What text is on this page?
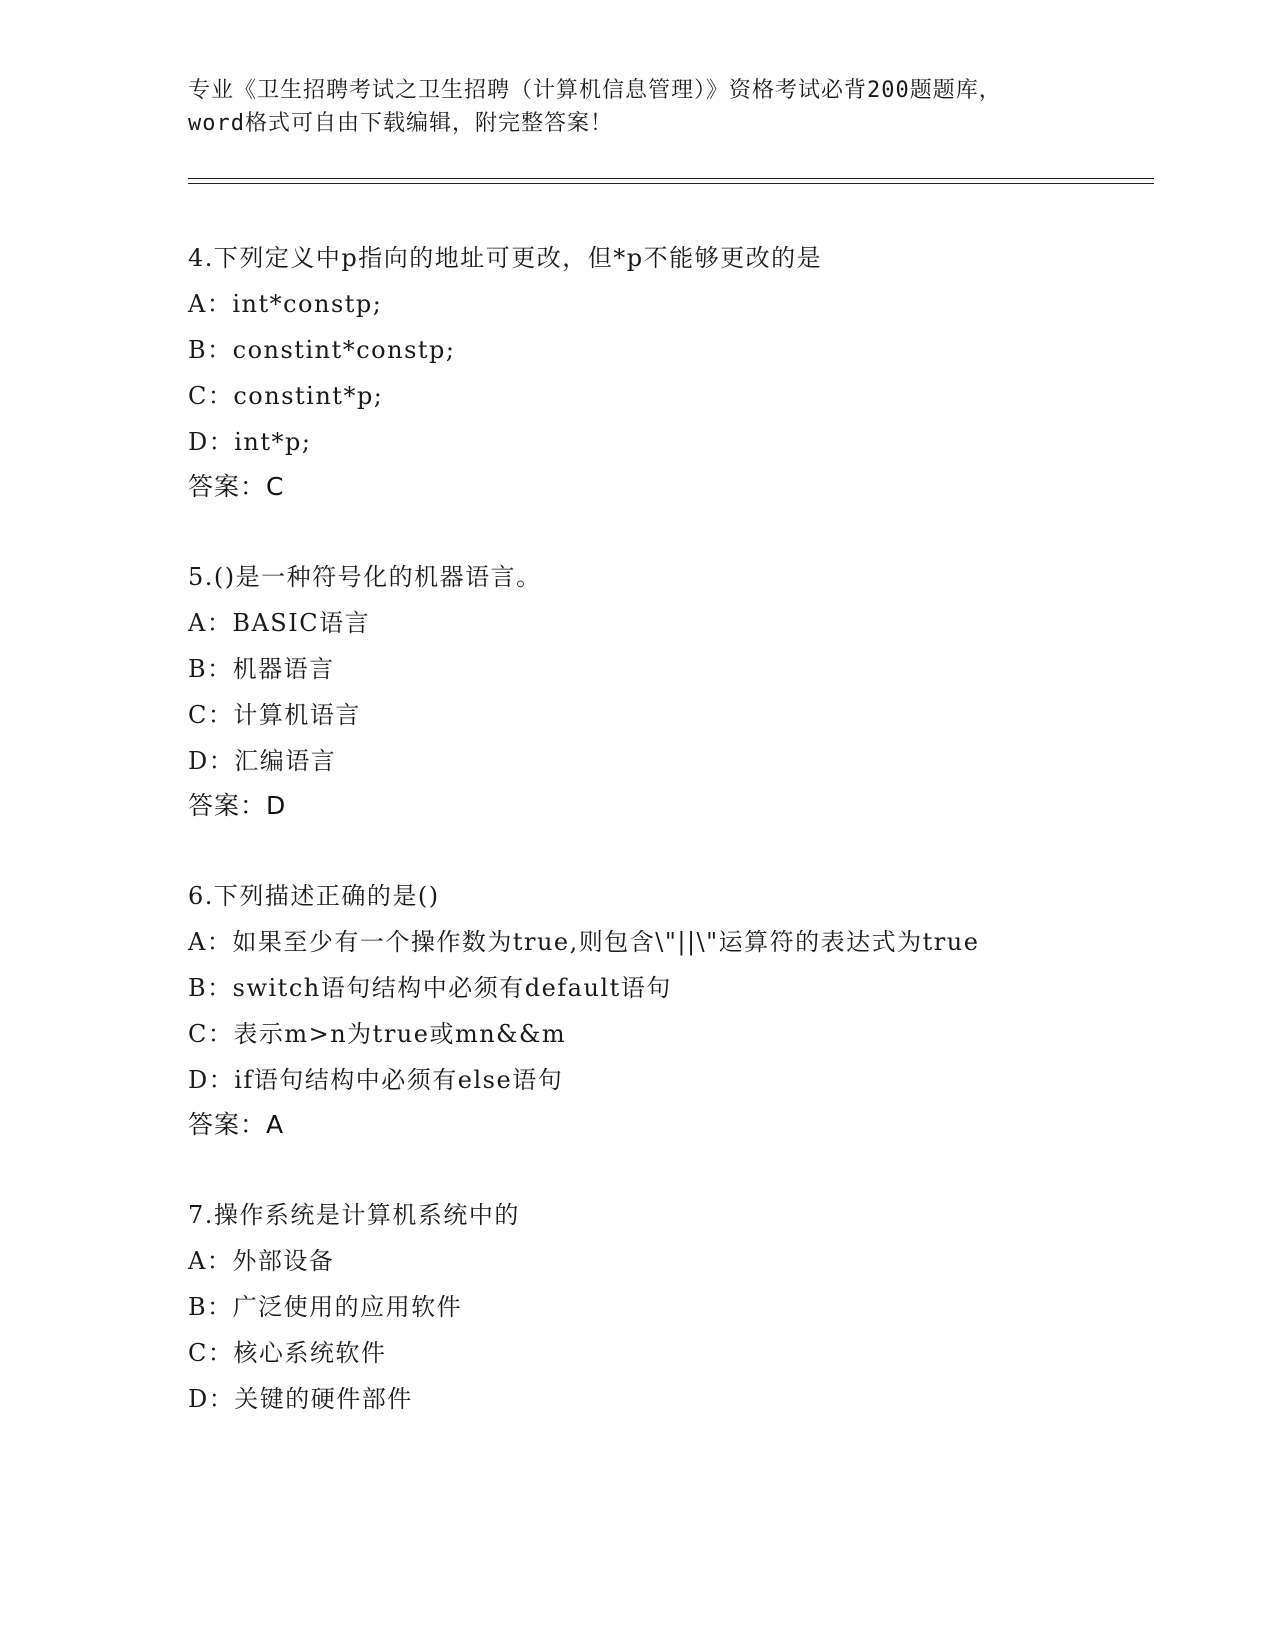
专业《卫生招聘考试之卫生招聘（计算机信息管理）》资格考试必背200题题库，
word格式可自由下载编辑，附完整答案！
4.下列定义中p指向的地址可更改，但*p不能够更改的是
A：int*constp;
B：constint*constp;
C：constint*p;
D：int*p;
答案：C
5.()是一种符号化的机器语言。
A：BASIC语言
B：机器语言
C：计算机语言
D：汇编语言
答案：D
6.下列描述正确的是()
A：如果至少有一个操作数为true,则包含\"||\"运算符的表达式为true
B：switch语句结构中必须有default语句
C：表示m>n为true或mn&&m
D：if语句结构中必须有else语句
答案：A
7.操作系统是计算机系统中的
A：外部设备
B：广泛使用的应用软件
C：核心系统软件
D：关键的硬件部件
